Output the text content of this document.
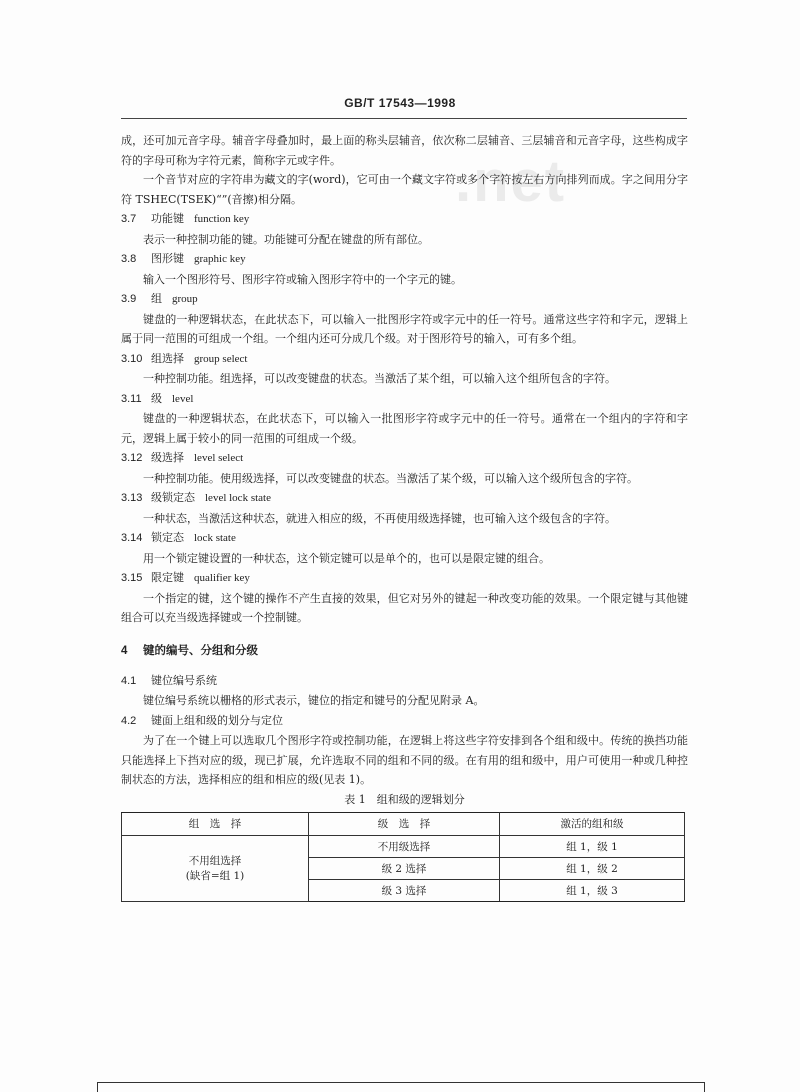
.net
GB/T 17543—1998

成，还可加元音字母。辅音字母叠加时，最上面的称头层辅音，依次称二层辅音、三层辅音和元音字母，这些构成字符的字母可称为字符元素，简称字元或字件。

一个音节对应的字符串为藏文的字(word)，它可由一个藏文字符或多个字符按左右方向排列而成。字之间用分字符 TSHEC(TSEK)“”(音擦)相分隔。

3.7 功能键 function key

表示一种控制功能的键。功能键可分配在键盘的所有部位。

3.8 图形键 graphic key

输入一个图形符号、图形字符或输入图形字符中的一个字元的键。

3.9 组 group

键盘的一种逻辑状态，在此状态下，可以输入一批图形字符或字元中的任一符号。通常这些字符和字元，逻辑上属于同一范围的可组成一个组。一个组内还可分成几个级。对于图形符号的输入，可有多个组。

3.10 组选择 group select

一种控制功能。组选择，可以改变键盘的状态。当激活了某个组，可以输入这个组所包含的字符。

3.11 级 level

键盘的一种逻辑状态，在此状态下，可以输入一批图形字符或字元中的任一符号。通常在一个组内的字符和字元，逻辑上属于较小的同一范围的可组成一个级。

3.12 级选择 level select

一种控制功能。使用级选择，可以改变键盘的状态。当激活了某个级，可以输入这个级所包含的字符。

3.13 级锁定态 level lock state

一种状态，当激活这种状态，就进入相应的级，不再使用级选择键，也可输入这个级包含的字符。

3.14 锁定态 lock state

用一个锁定键设置的一种状态，这个锁定键可以是单个的，也可以是限定键的组合。

3.15 限定键 qualifier key

一个指定的键，这个键的操作不产生直接的效果，但它对另外的键起一种改变功能的效果。一个限定键与其他键组合可以充当级选择键或一个控制键。

4 键的编号、分组和分级

4.1 键位编号系统

键位编号系统以栅格的形式表示，键位的指定和键号的分配见附录 A。

4.2 键面上组和级的划分与定位

为了在一个键上可以选取几个图形字符或控制功能，在逻辑上将这些字符安排到各个组和级中。传统的换挡功能只能选择上下挡对应的级，现已扩展，允许选取不同的组和不同的级。在有用的组和级中，用户可使用一种或几种控制状态的方法，选择相应的组和相应的级(见表 1)。

表 1　组和级的逻辑划分
组　选　择	级　选　择	激活的组和级

不用组选择
(缺省=组 1)	不用级选择	组 1，级 1
	级 2 选择	组 1，级 2
	级 3 选择	组 1，级 3
